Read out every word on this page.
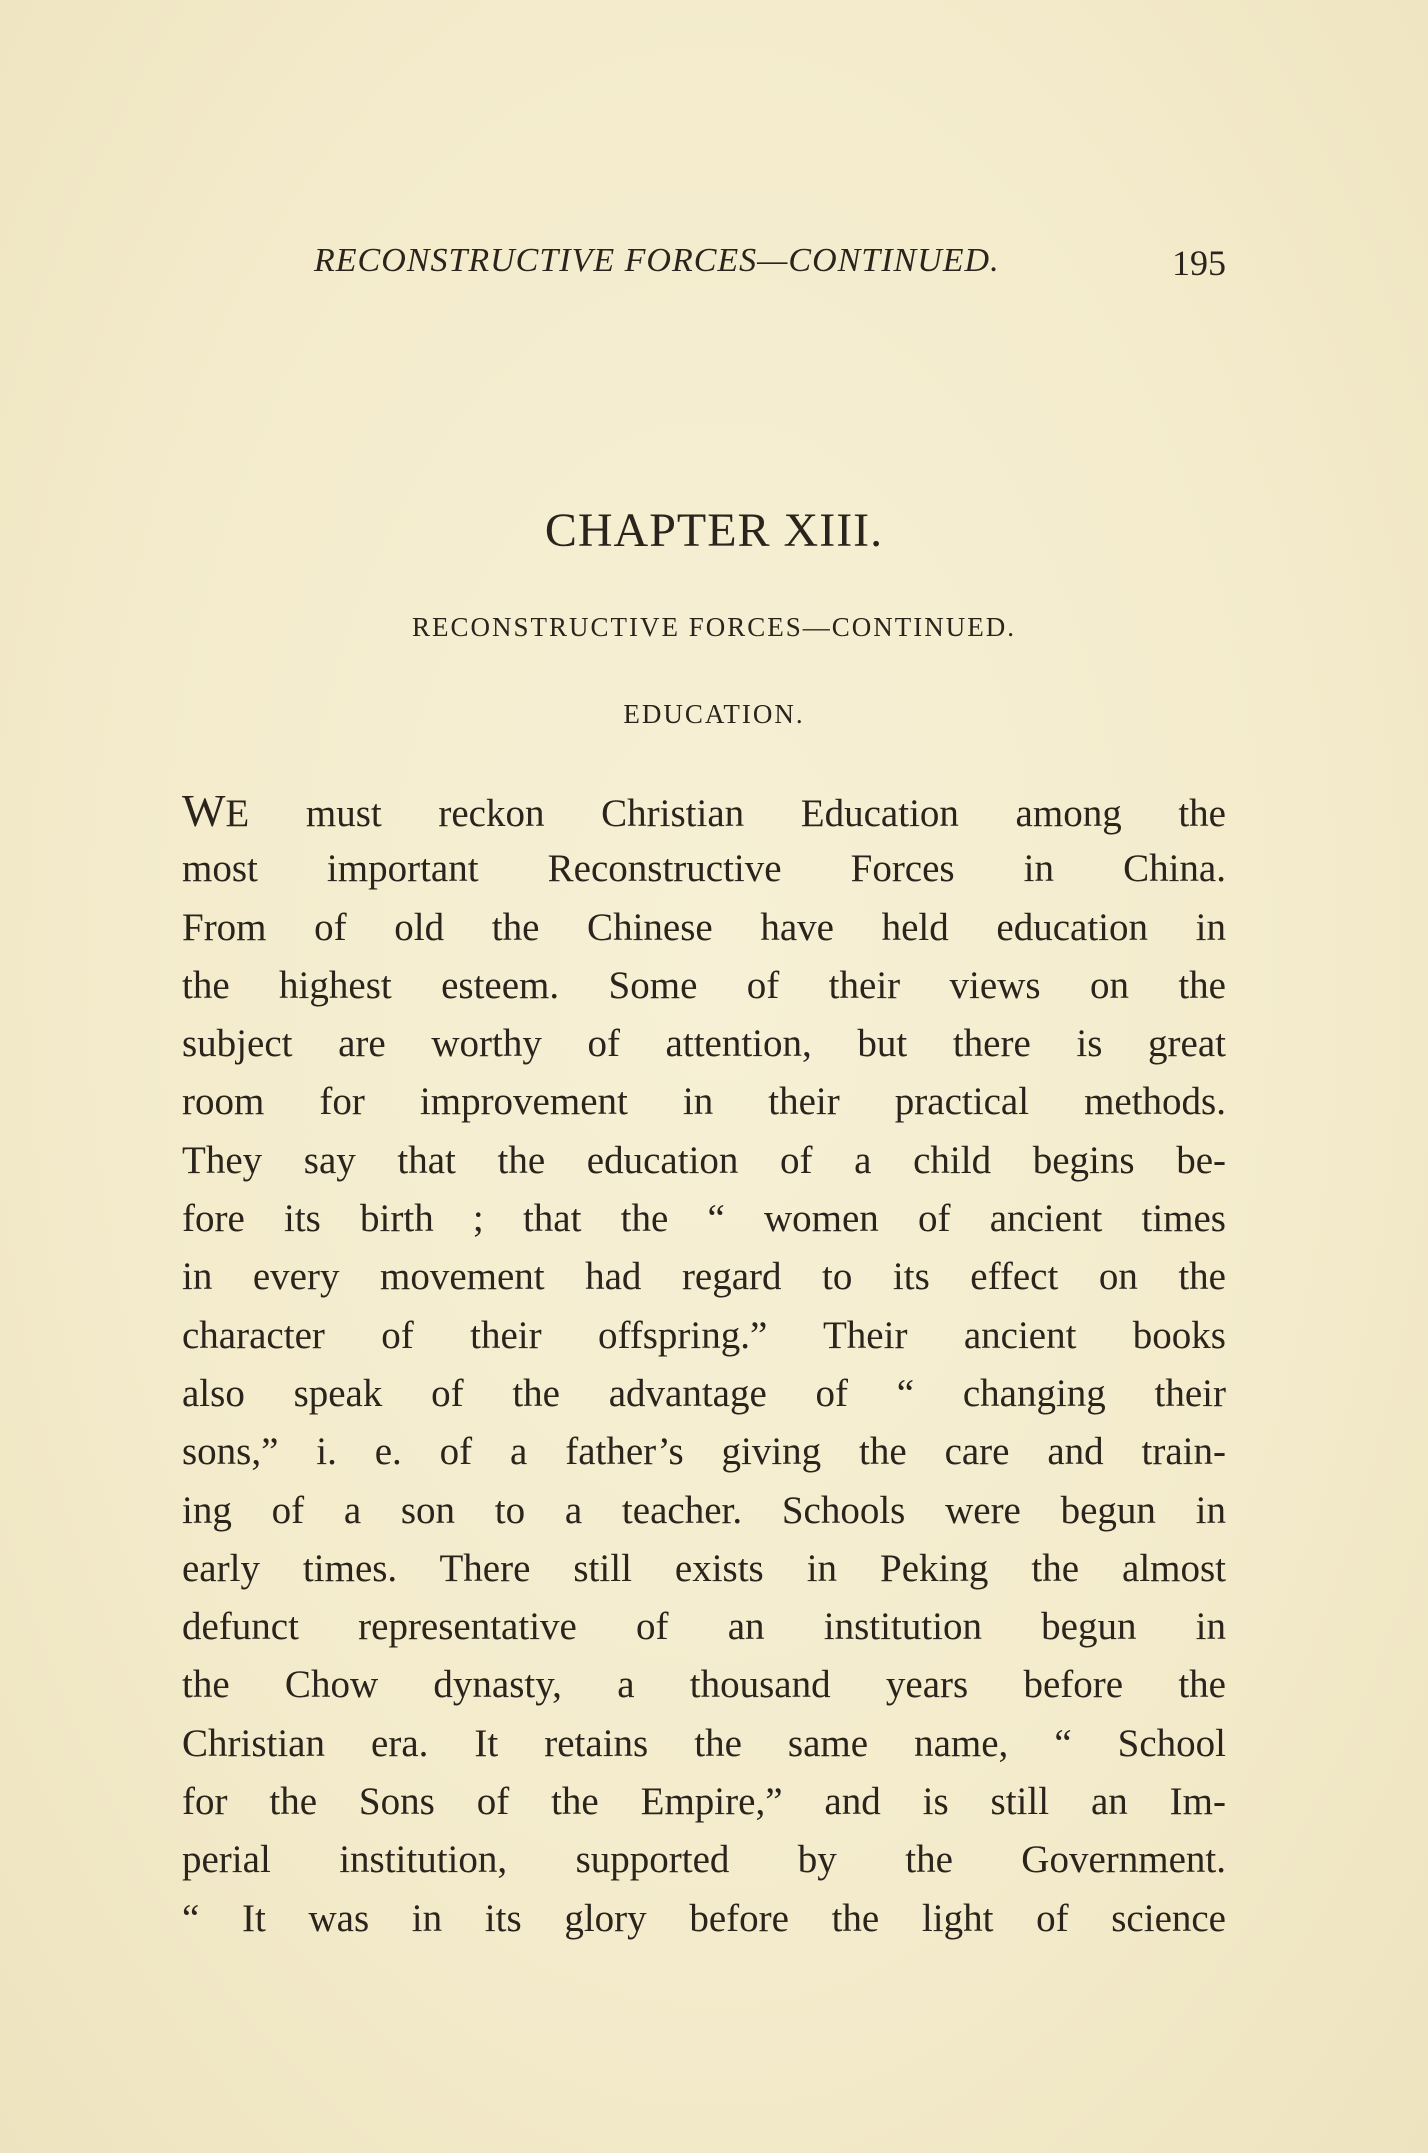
RECONSTRUCTIVE FORCES—CONTINUED.	195
CHAPTER XIII.
RECONSTRUCTIVE FORCES—CONTINUED.
EDUCATION.
WE must reckon Christian Education among the
most important Reconstructive Forces in China.
From of old the Chinese have held education in
the highest esteem. Some of their views on the
subject are worthy of attention, but there is great
room for improvement in their practical methods.
They say that the education of a child begins be-
fore its birth ; that the “ women of ancient times
in every movement had regard to its effect on the
character of their offspring.” Their ancient books
also speak of the advantage of “ changing their
sons,” i. e. of a father’s giving the care and train-
ing of a son to a teacher. Schools were begun in
early times. There still exists in Peking the almost
defunct representative of an institution begun in
the Chow dynasty, a thousand years before the
Christian era. It retains the same name, “ School
for the Sons of the Empire,” and is still an Im-
perial institution, supported by the Government.
“ It was in its glory before the light of science
